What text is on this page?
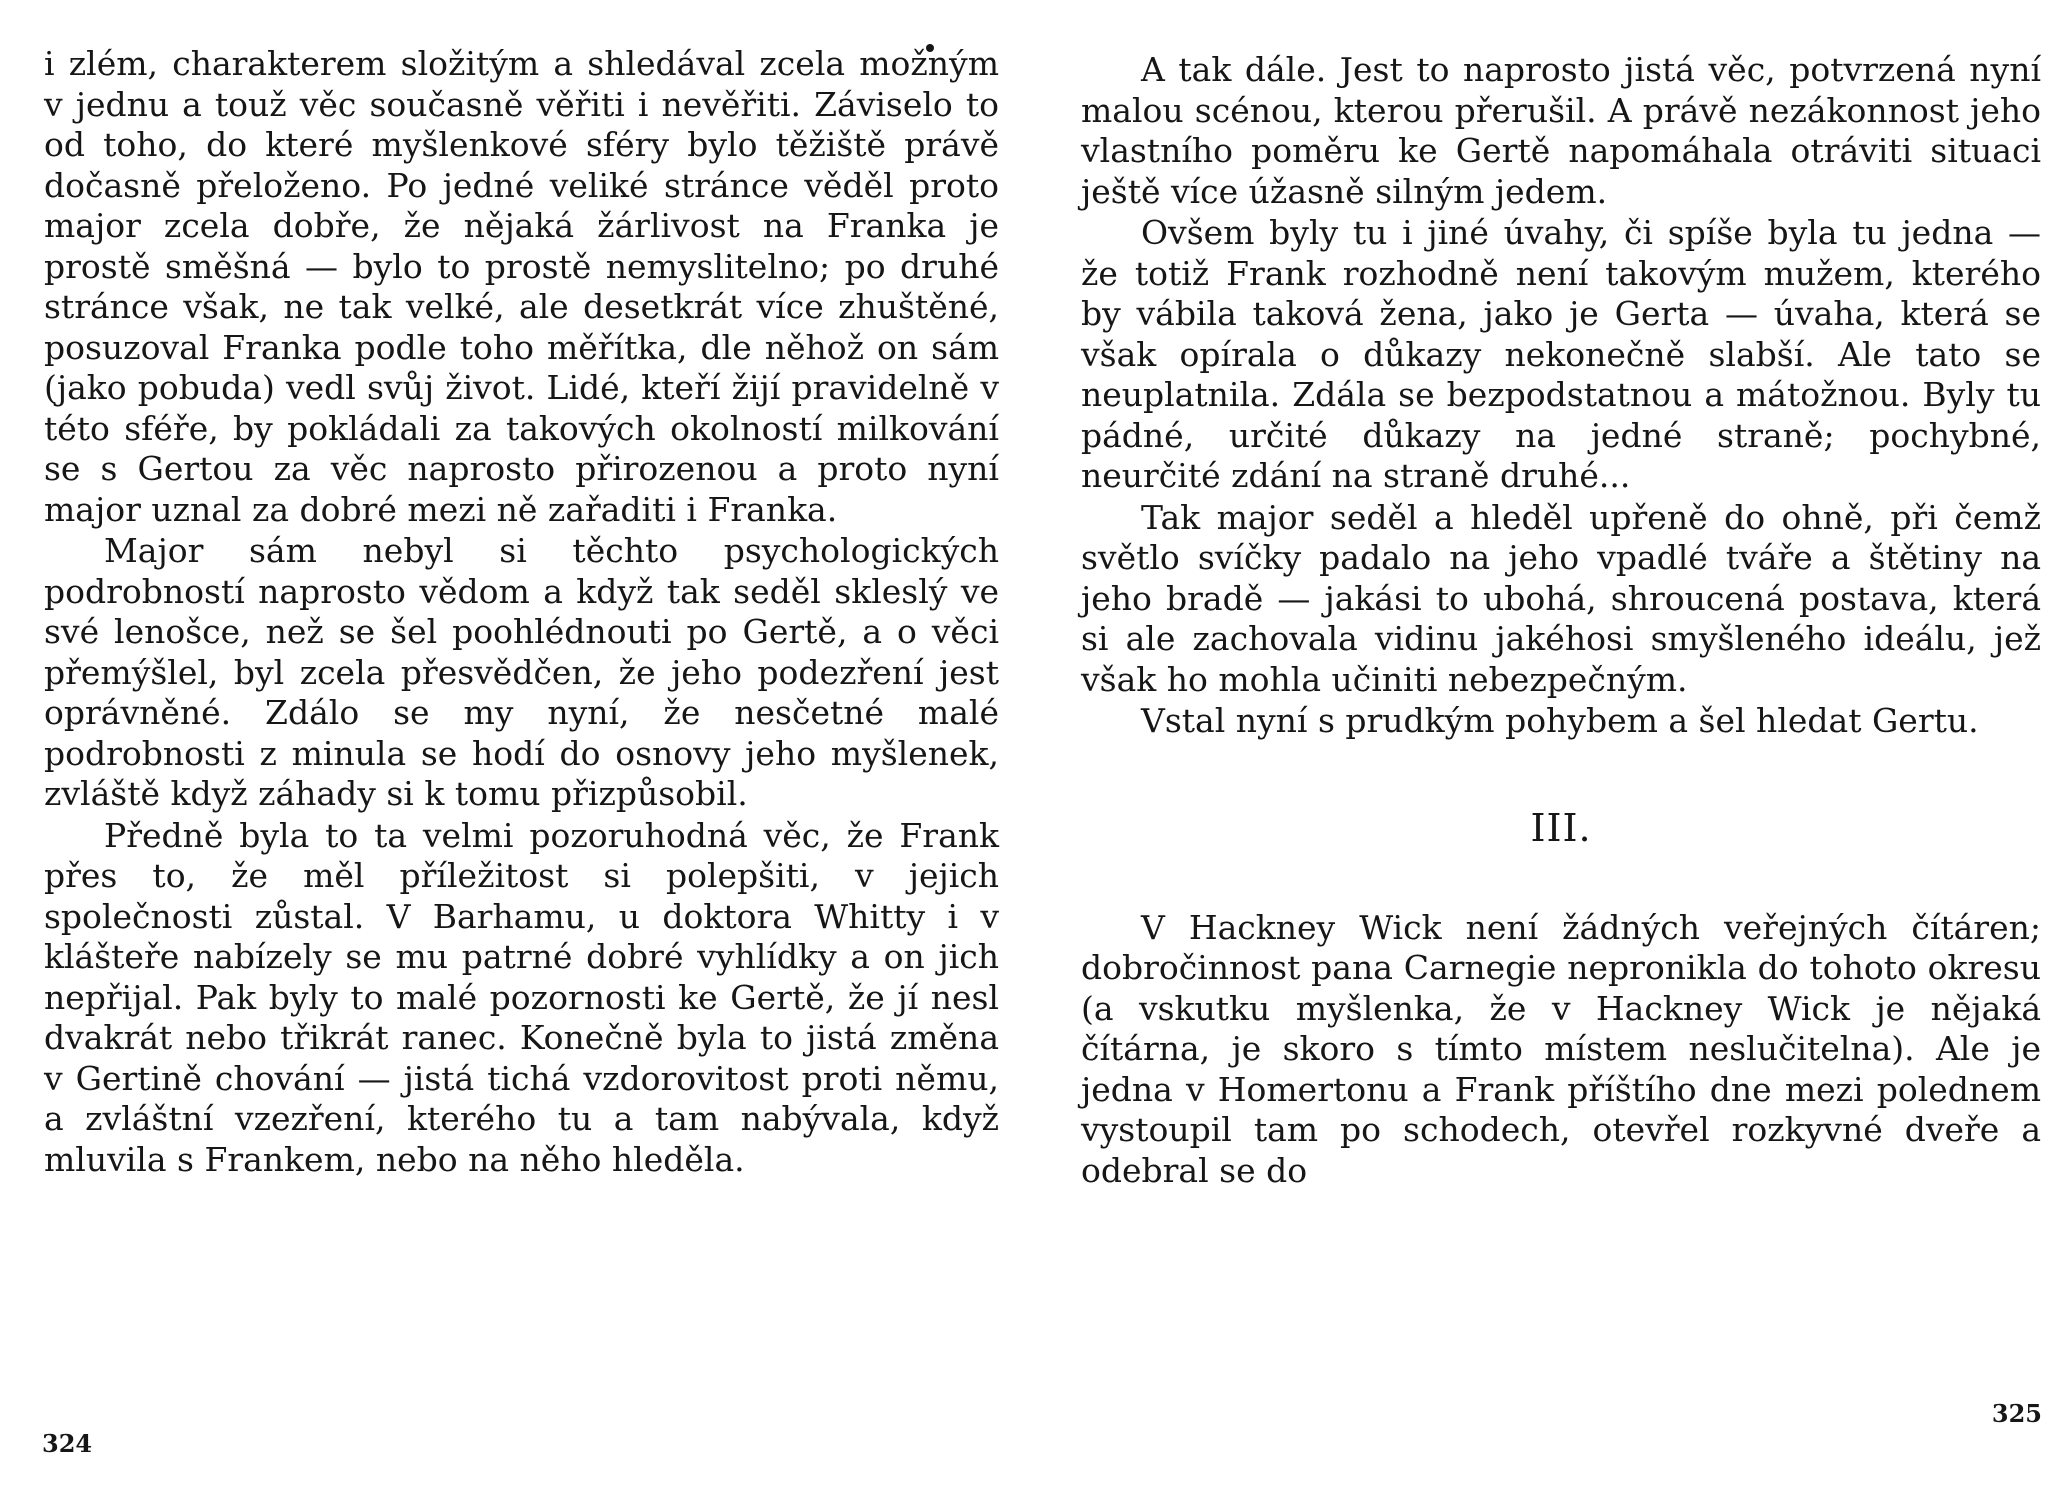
i zlém, charakterem složitým a shledával zcela možným v jednu a touž věc současně věřiti i nevěřiti. Záviselo to od toho, do které myšlenkové sféry bylo těžiště právě dočasně přeloženo. Po jedné veliké stránce věděl proto major zcela dobře, že nějaká žárlivost na Franka je prostě směšná — bylo to prostě nemyslitelno; po druhé stránce však, ne tak velké, ale desetkrát více zhuštěné, posuzoval Franka podle toho měřítka, dle něhož on sám (jako pobuda) vedl svůj život. Lidé, kteří žijí pravidelně v této sféře, by pokládali za takových okolností milkování se s Gertou za věc naprosto přirozenou a proto nyní major uznal za dobré mezi ně zařaditi i Franka.

Major sám nebyl si těchto psychologických podrobností naprosto vědom a když tak seděl skleslý ve své lenošce, než se šel poohlédnouti po Gertě, a o věci přemýšlel, byl zcela přesvědčen, že jeho podezření jest oprávněné. Zdálo se my nyní, že nesčetné malé podrobnosti z minula se hodí do osnovy jeho myšlenek, zvláště když záhady si k tomu přizpůsobil.

Předně byla to ta velmi pozoruhodná věc, že Frank přes to, že měl příležitost si polepšiti, v jejich společnosti zůstal. V Barhamu, u doktora Whitty i v klášteře nabízely se mu patrné dobré vyhlídky a on jich nepřijal. Pak byly to malé pozornosti ke Gertě, že jí nesl dvakrát nebo třikrát ranec. Konečně byla to jistá změna v Gertině chování — jistá tichá vzdorovitost proti němu, a zvláštní vzezření, kterého tu a tam nabývala, když mluvila s Frankem, nebo na něho hleděla.

324

A tak dále. Jest to naprosto jistá věc, potvrzená nyní malou scénou, kterou přerušil. A právě nezákonnost jeho vlastního poměru ke Gertě napomáhala otráviti situaci ještě více úžasně silným jedem.

Ovšem byly tu i jiné úvahy, či spíše byla tu jedna — že totiž Frank rozhodně není takovým mužem, kterého by vábila taková žena, jako je Gerta — úvaha, která se však opírala o důkazy nekonečně slabší. Ale tato se neuplatnila. Zdála se bezpodstatnou a mátožnou. Byly tu pádné, určité důkazy na jedné straně; pochybné, neurčité zdání na straně druhé...

Tak major seděl a hleděl upřeně do ohně, při čemž světlo svíčky padalo na jeho vpadlé tváře a štětiny na jeho bradě — jakási to ubohá, shroucená postava, která si ale zachovala vidinu jakéhosi smyšleného ideálu, jež však ho mohla učiniti nebezpečným.

Vstal nyní s prudkým pohybem a šel hledat Gertu.

III.

V Hackney Wick není žádných veřejných čítáren; dobročinnost pana Carnegie nepronikla do tohoto okresu (a vskutku myšlenka, že v Hackney Wick je nějaká čítárna, je skoro s tímto místem neslučitelna). Ale je jedna v Homertonu a Frank příštího dne mezi polednem vystoupil tam po schodech, otevřel rozkyvné dveře a odebral se do

325
